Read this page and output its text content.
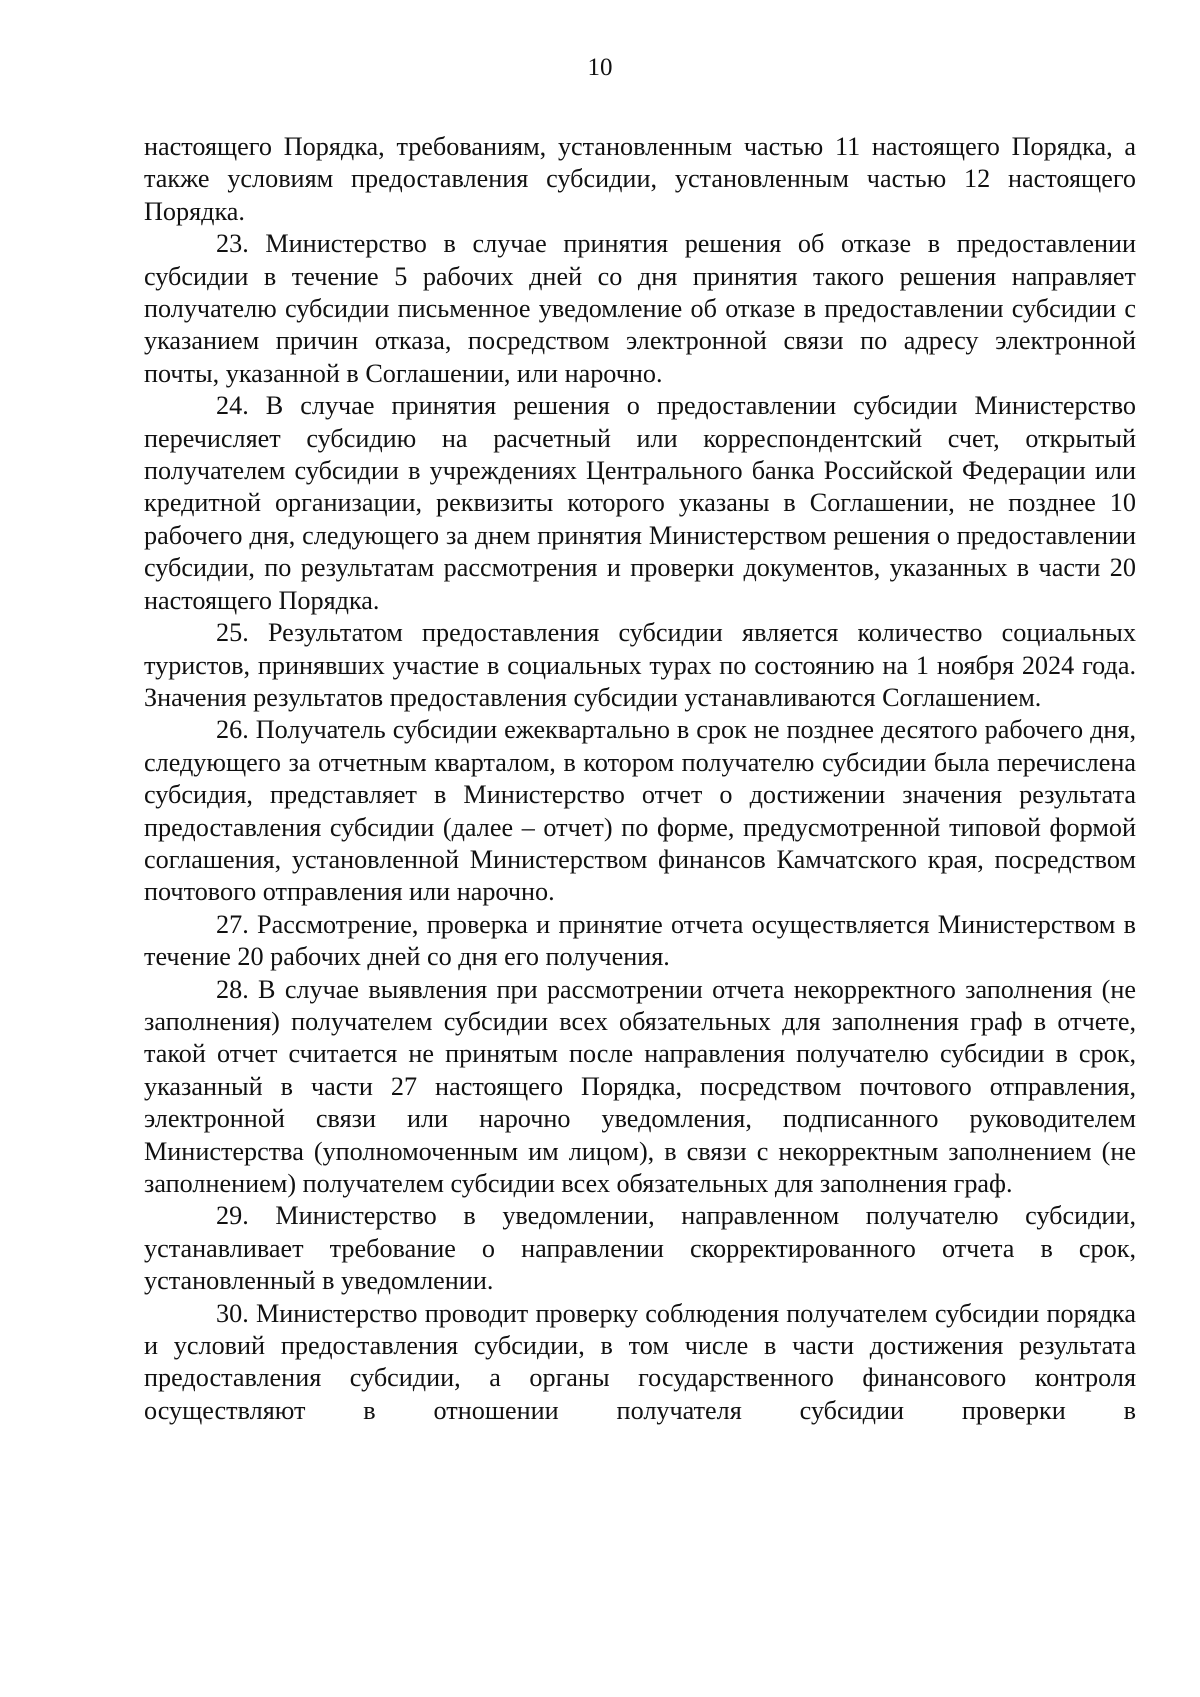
10

настоящего Порядка, требованиям, установленным частью 11 настоящего Порядка, а также условиям предоставления субсидии, установленным частью 12 настоящего Порядка.

23. Министерство в случае принятия решения об отказе в предоставлении субсидии в течение 5 рабочих дней со дня принятия такого решения направляет получателю субсидии письменное уведомление об отказе в предоставлении субсидии с указанием причин отказа, посредством электронной связи по адресу электронной почты, указанной в Соглашении, или нарочно.

24. В случае принятия решения о предоставлении субсидии Министерство перечисляет субсидию на расчетный или корреспондентский счет, открытый получателем субсидии в учреждениях Центрального банка Российской Федерации или кредитной организации, реквизиты которого указаны в Соглашении, не позднее 10 рабочего дня, следующего за днем принятия Министерством решения о предоставлении субсидии, по результатам рассмотрения и проверки документов, указанных в части 20 настоящего Порядка.

25. Результатом предоставления субсидии является количество социальных туристов, принявших участие в социальных турах по состоянию на 1 ноября 2024 года. Значения результатов предоставления субсидии устанавливаются Соглашением.

26. Получатель субсидии ежеквартально в срок не позднее десятого рабочего дня, следующего за отчетным кварталом, в котором получателю субсидии была перечислена субсидия, представляет в Министерство отчет о достижении значения результата предоставления субсидии (далее – отчет) по форме, предусмотренной типовой формой соглашения, установленной Министерством финансов Камчатского края, посредством почтового отправления или нарочно.

27. Рассмотрение, проверка и принятие отчета осуществляется Министерством в течение 20 рабочих дней со дня его получения.

28. В случае выявления при рассмотрении отчета некорректного заполнения (не заполнения) получателем субсидии всех обязательных для заполнения граф в отчете, такой отчет считается не принятым после направления получателю субсидии в срок, указанный в части 27 настоящего Порядка, посредством почтового отправления, электронной связи или нарочно уведомления, подписанного руководителем Министерства (уполномоченным им лицом), в связи с некорректным заполнением (не заполнением) получателем субсидии всех обязательных для заполнения граф.

29. Министерство в уведомлении, направленном получателю субсидии, устанавливает требование о направлении скорректированного отчета в срок, установленный в уведомлении.

30. Министерство проводит проверку соблюдения получателем субсидии порядка и условий предоставления субсидии, в том числе в части достижения результата предоставления субсидии, а органы государственного финансового контроля осуществляют в отношении получателя субсидии проверки в
